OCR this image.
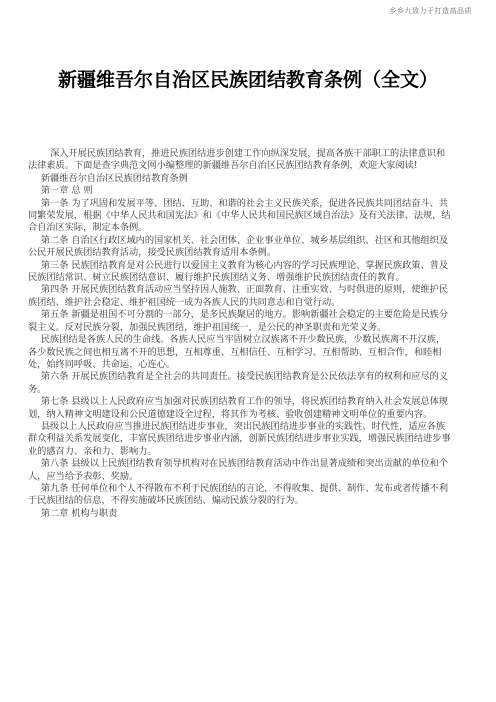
乡乡九致力于打造高品质
新疆维吾尔自治区民族团结教育条例（全文）

深入开展民族团结教育，推进民族团结进步创建工作向纵深发展，提高各族干部职工的法律意识和法律素质。下面是查字典范文网小编整理的新疆维吾尔自治区民族团结教育条例，欢迎大家阅读!

新疆维吾尔自治区民族团结教育条例

第一章 总 则

第一条 为了巩固和发展平等、团结、互助、和谐的社会主义民族关系，促进各民族共同团结奋斗、共同繁荣发展，根据《中华人民共和国宪法》和《中华人民共和国民族区域自治法》及有关法律、法规，结合自治区实际，制定本条例。

第二条 自治区行政区域内的国家机关、社会团体、企业事业单位、城乡基层组织、社区和其他组织及公民开展民族团结教育活动，接受民族团结教育适用本条例。

第三条 民族团结教育是对公民进行以爱国主义教育为核心内容的学习民族理论、掌握民族政策、普及民族团结常识、树立民族团结意识、履行维护民族团结义务、增强维护民族团结责任的教育。

第四条 开展民族团结教育活动应当坚持因人施教、正面教育、注重实效、与时俱进的原则，使维护民族团结、维护社会稳定、维护祖国统一成为各族人民的共同意志和自觉行动。

第五条 新疆是祖国不可分割的一部分，是多民族聚居的地方。影响新疆社会稳定的主要危险是民族分裂主义。反对民族分裂，加强民族团结，维护祖国统一，是公民的神圣职责和光荣义务。

民族团结是各族人民的生命线。各族人民应当牢固树立汉族离不开少数民族，少数民族离不开汉族，各少数民族之间也相互离不开的思想，互相尊重、互相信任、互相学习、互相帮助、互相合作，和睦相处，始终同呼吸、共命运、心连心。

第六条 开展民族团结教育是全社会的共同责任。接受民族团结教育是公民依法享有的权利和应尽的义务。

第七条 县级以上人民政府应当加强对民族团结教育工作的领导，将民族团结教育纳入社会发展总体规划，纳入精神文明建设和公民道德建设全过程，将其作为考核、验收创建精神文明单位的重要内容。

县级以上人民政府应当推进民族团结进步事业，突出民族团结进步事业的实践性、时代性，适应各族群众利益关系发展变化，丰富民族团结进步事业内涵，创新民族团结进步事业实践，增强民族团结进步事业的感召力、亲和力、影响力。

第八条 县级以上民族团结教育领导机构对在民族团结教育活动中作出显著成绩和突出贡献的单位和个人，应当给予表彰、奖励。

第九条 任何单位和个人不得散布不利于民族团结的言论，不得收集、提供、制作、发布或者传播不利于民族团结的信息，不得实施破坏民族团结、煽动民族分裂的行为。

第二章 机构与职责
